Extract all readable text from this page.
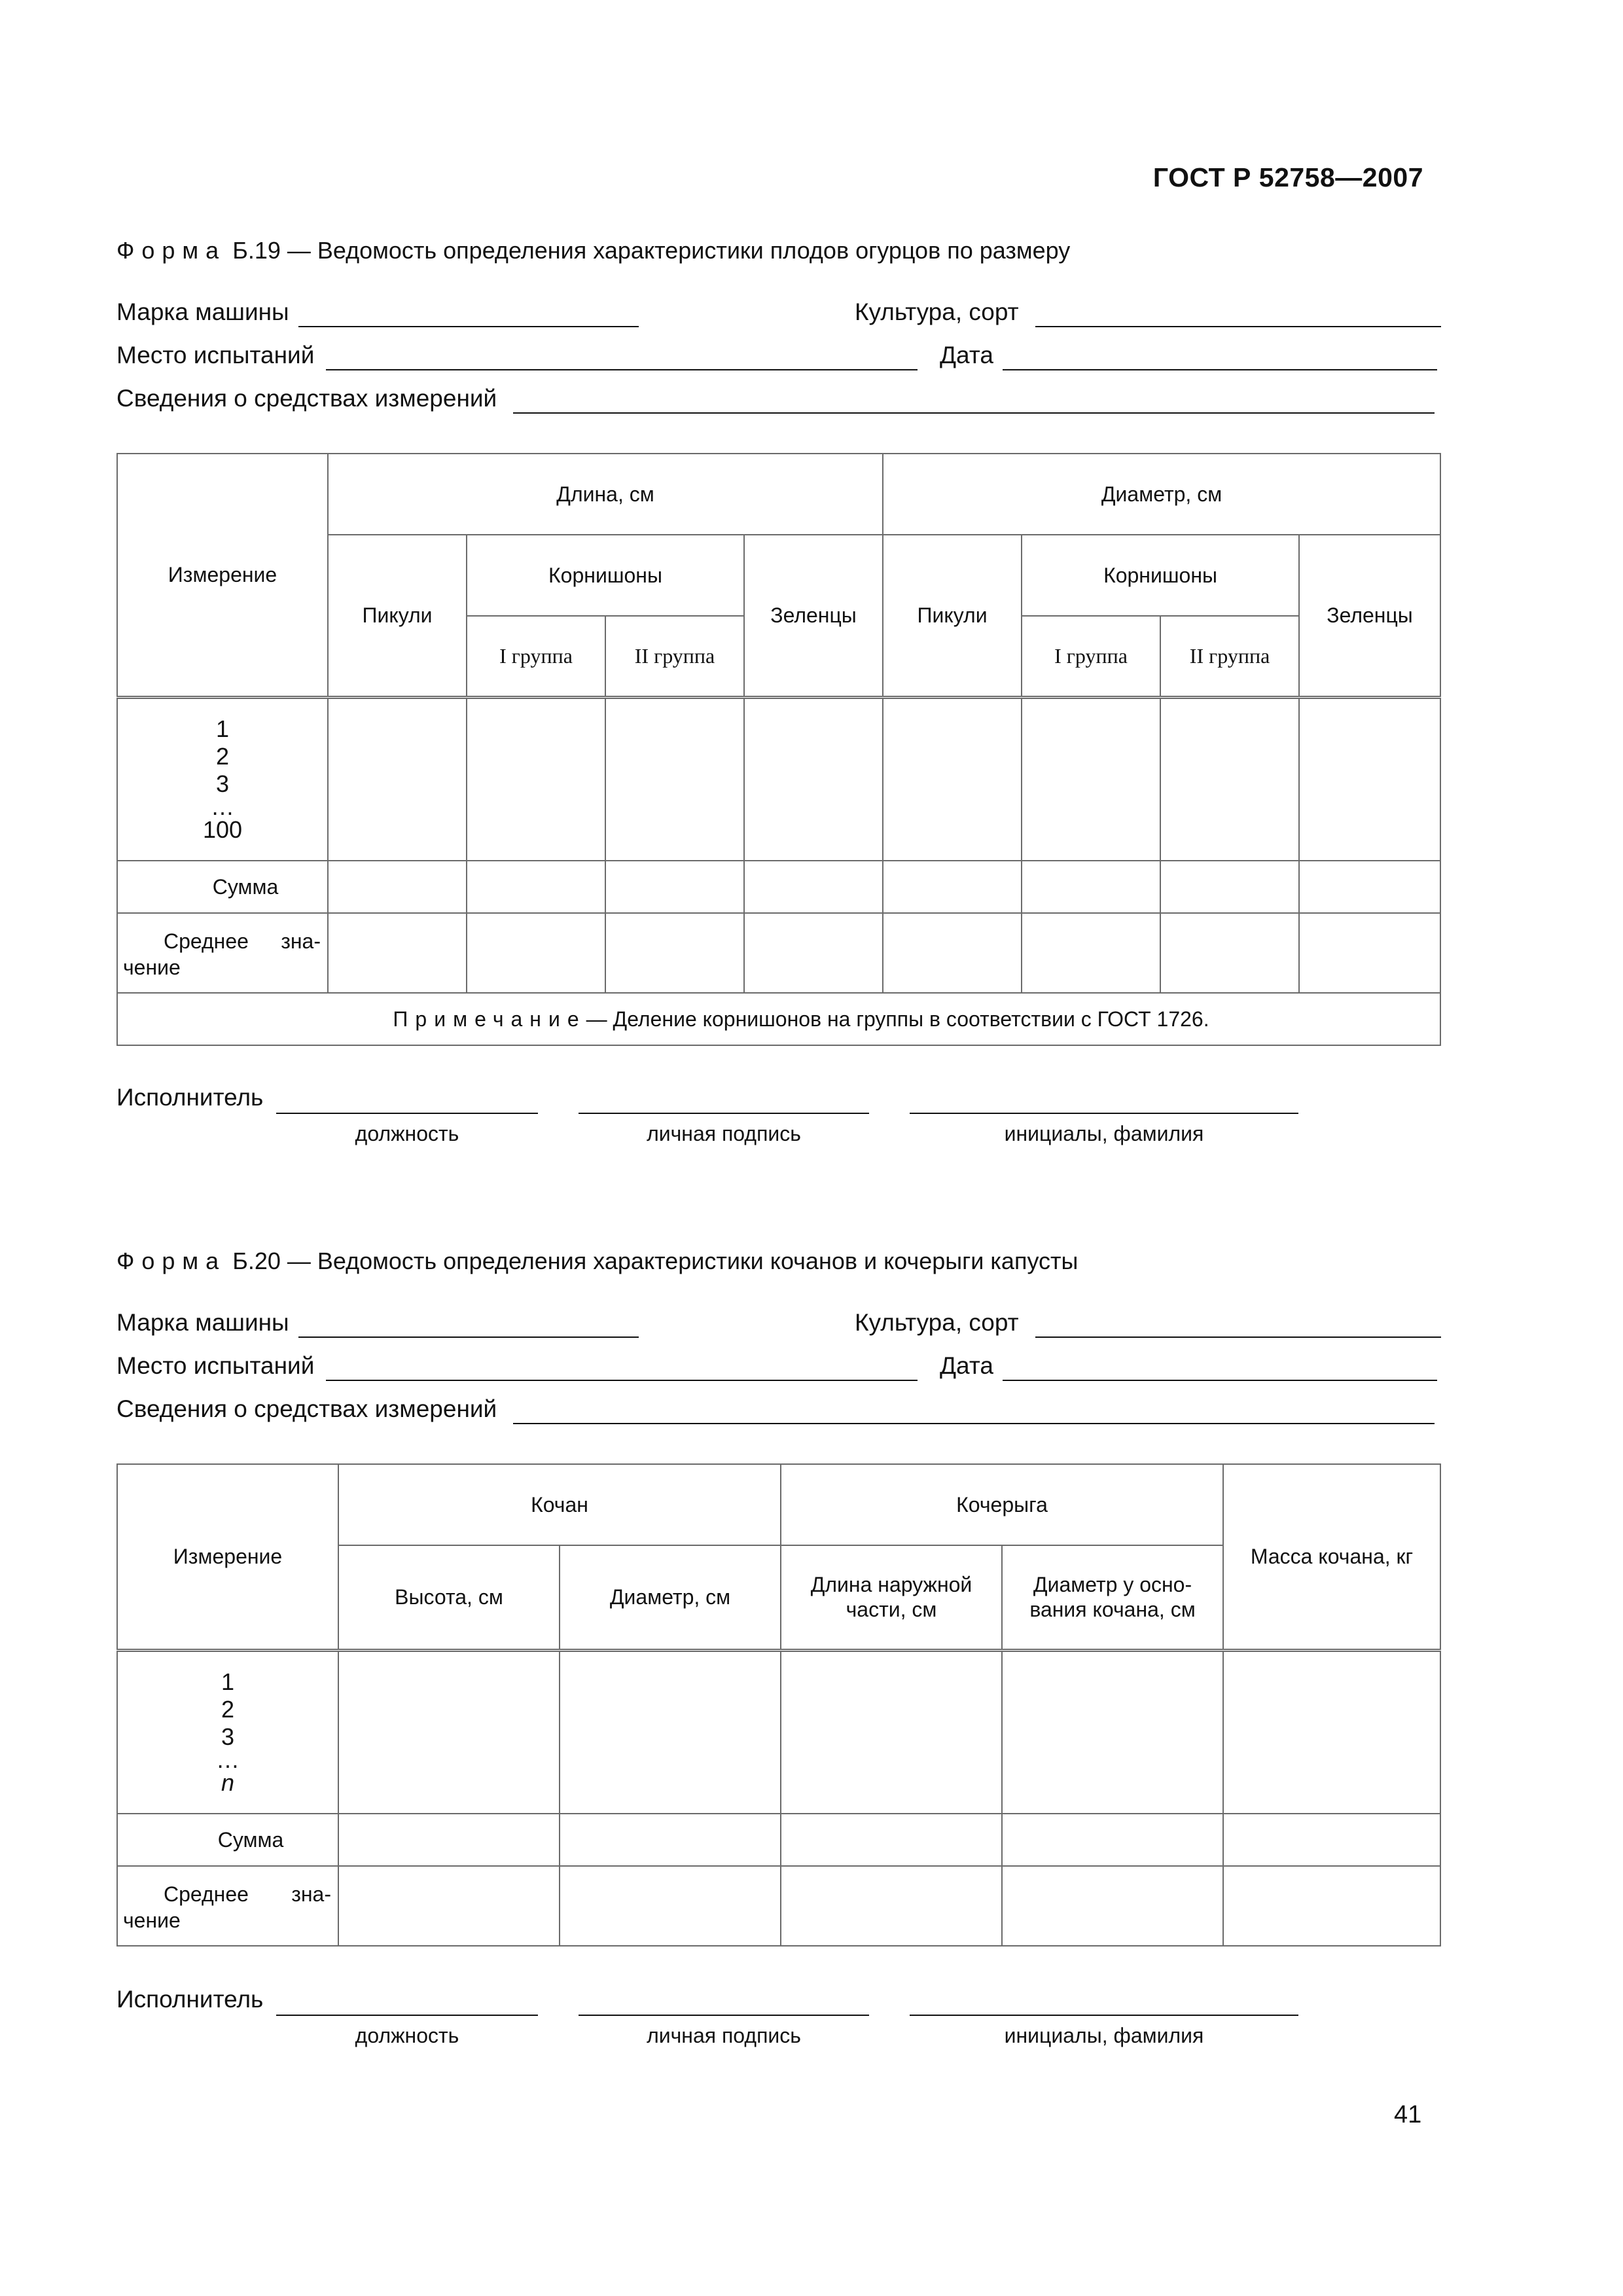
ГОСТ Р 52758—2007
Форма Б.19 — Ведомость определения характеристики плодов огурцов по размеру
Марка машины	Культура, сорт
Место испытаний	Дата
Сведения о средствах измерений
Измерение	Длина, см				Диаметр, см			
	Пикули	Корнишоны		Зеленцы	Пикули	Корнишоны		Зеленцы
		I группа	II группа			I группа	II группа	

1
2
3
…
100								

Сумма								
Среднее зна-чение								
Примечание— Деление корнишонов на группы в соответствии с ГОСТ 1726.								
Исполнитель
должность	личная подпись	инициалы, фамилия
Форма Б.20 — Ведомость определения характеристики кочанов и кочерыги капусты
Марка машины	Культура, сорт
Место испытаний	Дата
Сведения о средствах измерений
Измерение	Кочан		Кочерыга		Масса кочана, кг
	Высота, см	Диаметр, см	Длина наружной части, см	Диаметр у осно-вания кочана, см	

1
2
3
…
n					

Сумма					
Среднее зна-чение					
Исполнитель
должность	личная подпись	инициалы, фамилия
41
